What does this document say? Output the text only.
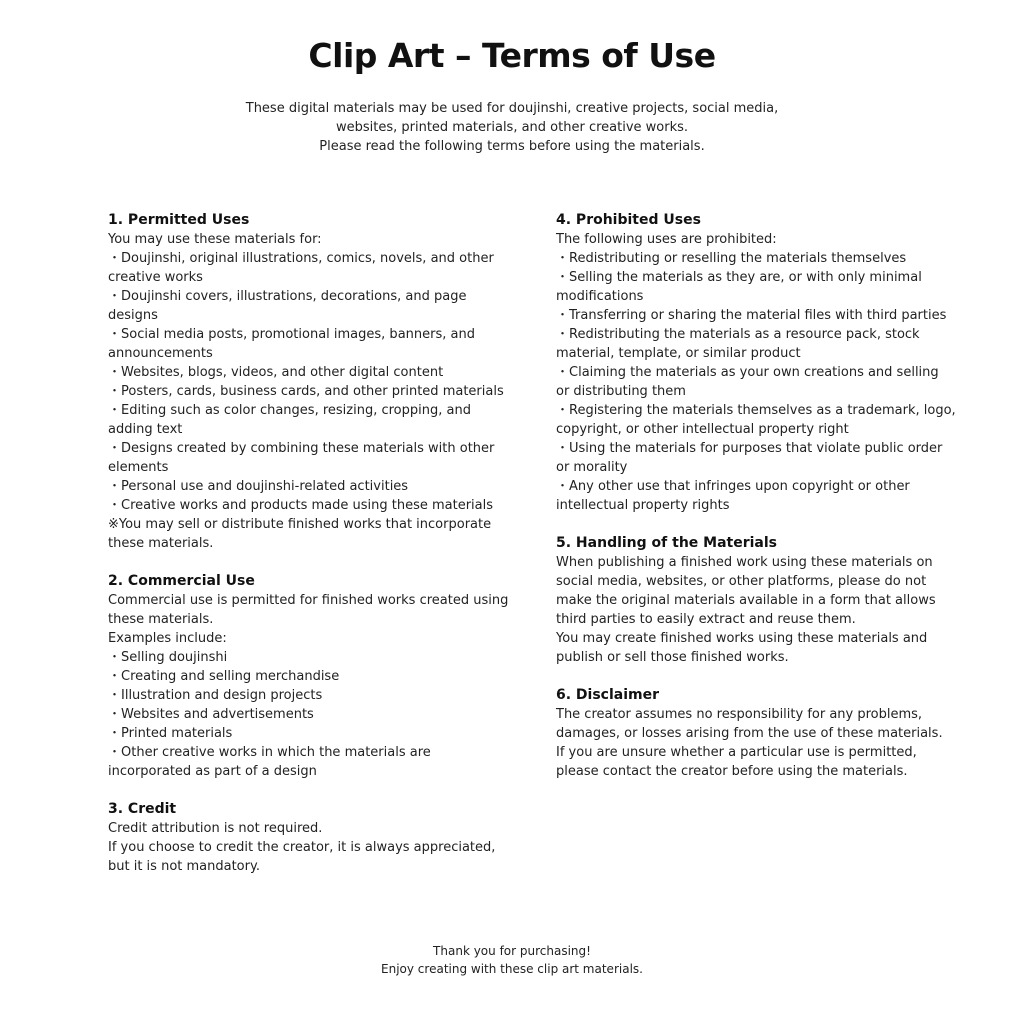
Clip Art – Terms of Use
These digital materials may be used for doujinshi, creative projects, social media,
websites, printed materials, and other creative works.
Please read the following terms before using the materials.
1. Permitted Uses
You may use these materials for:
・Doujinshi, original illustrations, comics, novels, and other creative works
・Doujinshi covers, illustrations, decorations, and page designs
・Social media posts, promotional images, banners, and announcements
・Websites, blogs, videos, and other digital content
・Posters, cards, business cards, and other printed materials
・Editing such as color changes, resizing, cropping, and adding text
・Designs created by combining these materials with other elements
・Personal use and doujinshi-related activities
・Creative works and products made using these materials
※You may sell or distribute finished works that incorporate these materials.
2. Commercial Use
Commercial use is permitted for finished works created using these materials.
Examples include:
・Selling doujinshi
・Creating and selling merchandise
・Illustration and design projects
・Websites and advertisements
・Printed materials
・Other creative works in which the materials are incorporated as part of a design
3. Credit
Credit attribution is not required.
If you choose to credit the creator, it is always appreciated, but it is not mandatory.
4. Prohibited Uses
The following uses are prohibited:
・Redistributing or reselling the materials themselves
・Selling the materials as they are, or with only minimal modifications
・Transferring or sharing the material files with third parties
・Redistributing the materials as a resource pack, stock material, template, or similar product
・Claiming the materials as your own creations and selling or distributing them
・Registering the materials themselves as a trademark, logo, copyright, or other intellectual property right
・Using the materials for purposes that violate public order or morality
・Any other use that infringes upon copyright or other intellectual property rights
5. Handling of the Materials
When publishing a finished work using these materials on social media, websites, or other platforms, please do not make the original materials available in a form that allows third parties to easily extract and reuse them.
You may create finished works using these materials and publish or sell those finished works.
6. Disclaimer
The creator assumes no responsibility for any problems, damages, or losses arising from the use of these materials.
If you are unsure whether a particular use is permitted, please contact the creator before using the materials.
Thank you for purchasing!
Enjoy creating with these clip art materials.
